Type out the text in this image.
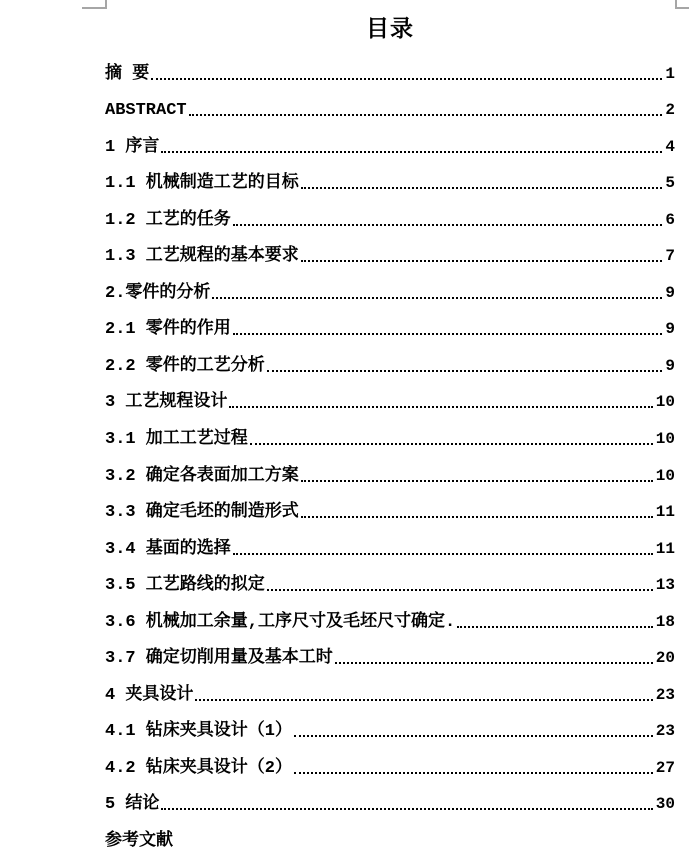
目录
摘 要	1
ABSTRACT	2
1 序言	4
1.1 机械制造工艺的目标	5
1.2 工艺的任务	6
1.3 工艺规程的基本要求	7
2.零件的分析	9
2.1 零件的作用	9
2.2 零件的工艺分析	9
3 工艺规程设计	10
3.1 加工工艺过程	10
3.2 确定各表面加工方案	10
3.3 确定毛坯的制造形式	11
3.4 基面的选择	11
3.5 工艺路线的拟定	13
3.6 机械加工余量,工序尺寸及毛坯尺寸确定.	18
3.7 确定切削用量及基本工时	20
4 夹具设计	23
4.1 钻床夹具设计（1）	23
4.2 钻床夹具设计（2）	27
5 结论	30
参考文献
